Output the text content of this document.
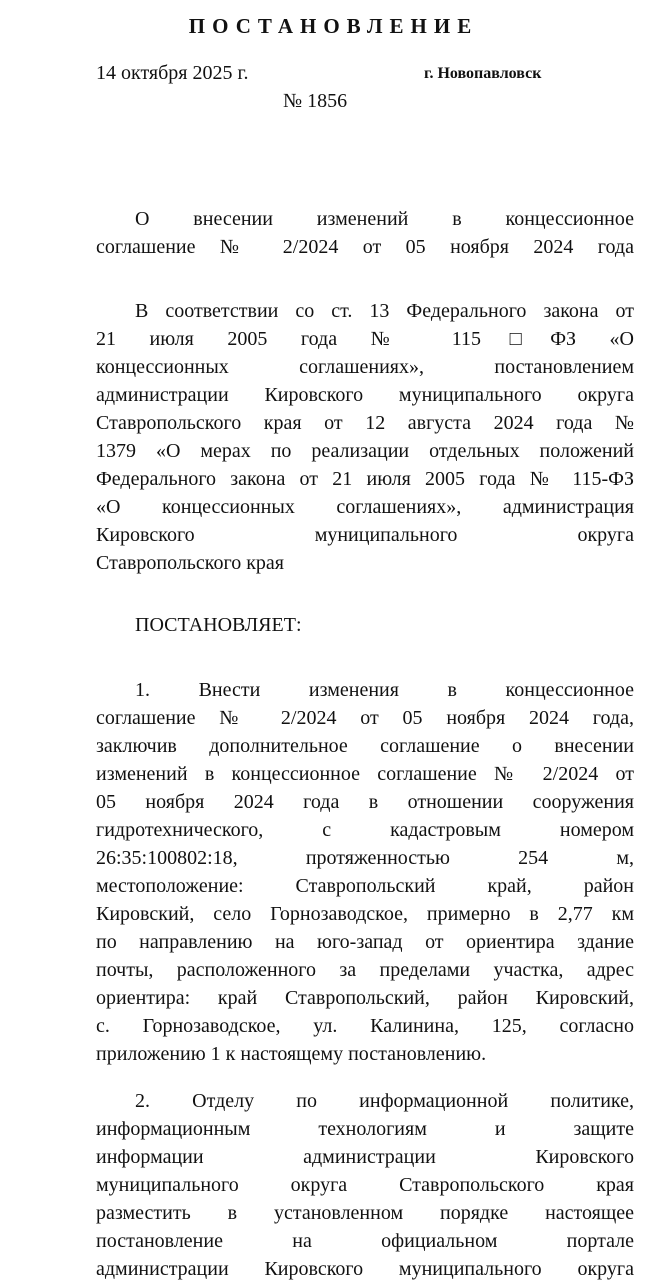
ПОСТАНОВЛЕНИЕ
14 октября 2025 г.	г. Новопавловск
№ 1856
О внесении изменений в концессионное
соглашение № 2/2024 от 05 ноября 2024 года
В соответствии со ст. 13 Федерального закона от
21 июля 2005 года № 115□ФЗ «О
концессионных соглашениях», постановлением
администрации Кировского муниципального округа
Ставропольского края от 12 августа 2024 года №
1379 «О мерах по реализации отдельных положений
Федерального закона от 21 июля 2005 года № 115-ФЗ
«О концессионных соглашениях», администрация
Кировского муниципального округа
Ставропольского края
ПОСТАНОВЛЯЕТ:
1. Внести изменения в концессионное
соглашение № 2/2024 от 05 ноября 2024 года,
заключив дополнительное соглашение о внесении
изменений в концессионное соглашение № 2/2024 от
05 ноября 2024 года в отношении сооружения
гидротехнического, с кадастровым номером
26:35:100802:18, протяженностью 254 м,
местоположение: Ставропольский край, район
Кировский, село Горнозаводское, примерно в 2,77 км
по направлению на юго-запад от ориентира здание
почты, расположенного за пределами участка, адрес
ориентира: край Ставропольский, район Кировский,
с. Горнозаводское, ул. Калинина, 125, согласно
приложению 1 к настоящему постановлению.
2. Отделу по информационной политике,
информационным технологиям и защите
информации администрации Кировского
муниципального округа Ставропольского края
разместить в установленном порядке настоящее
постановление на официальном портале
администрации Кировского муниципального округа
